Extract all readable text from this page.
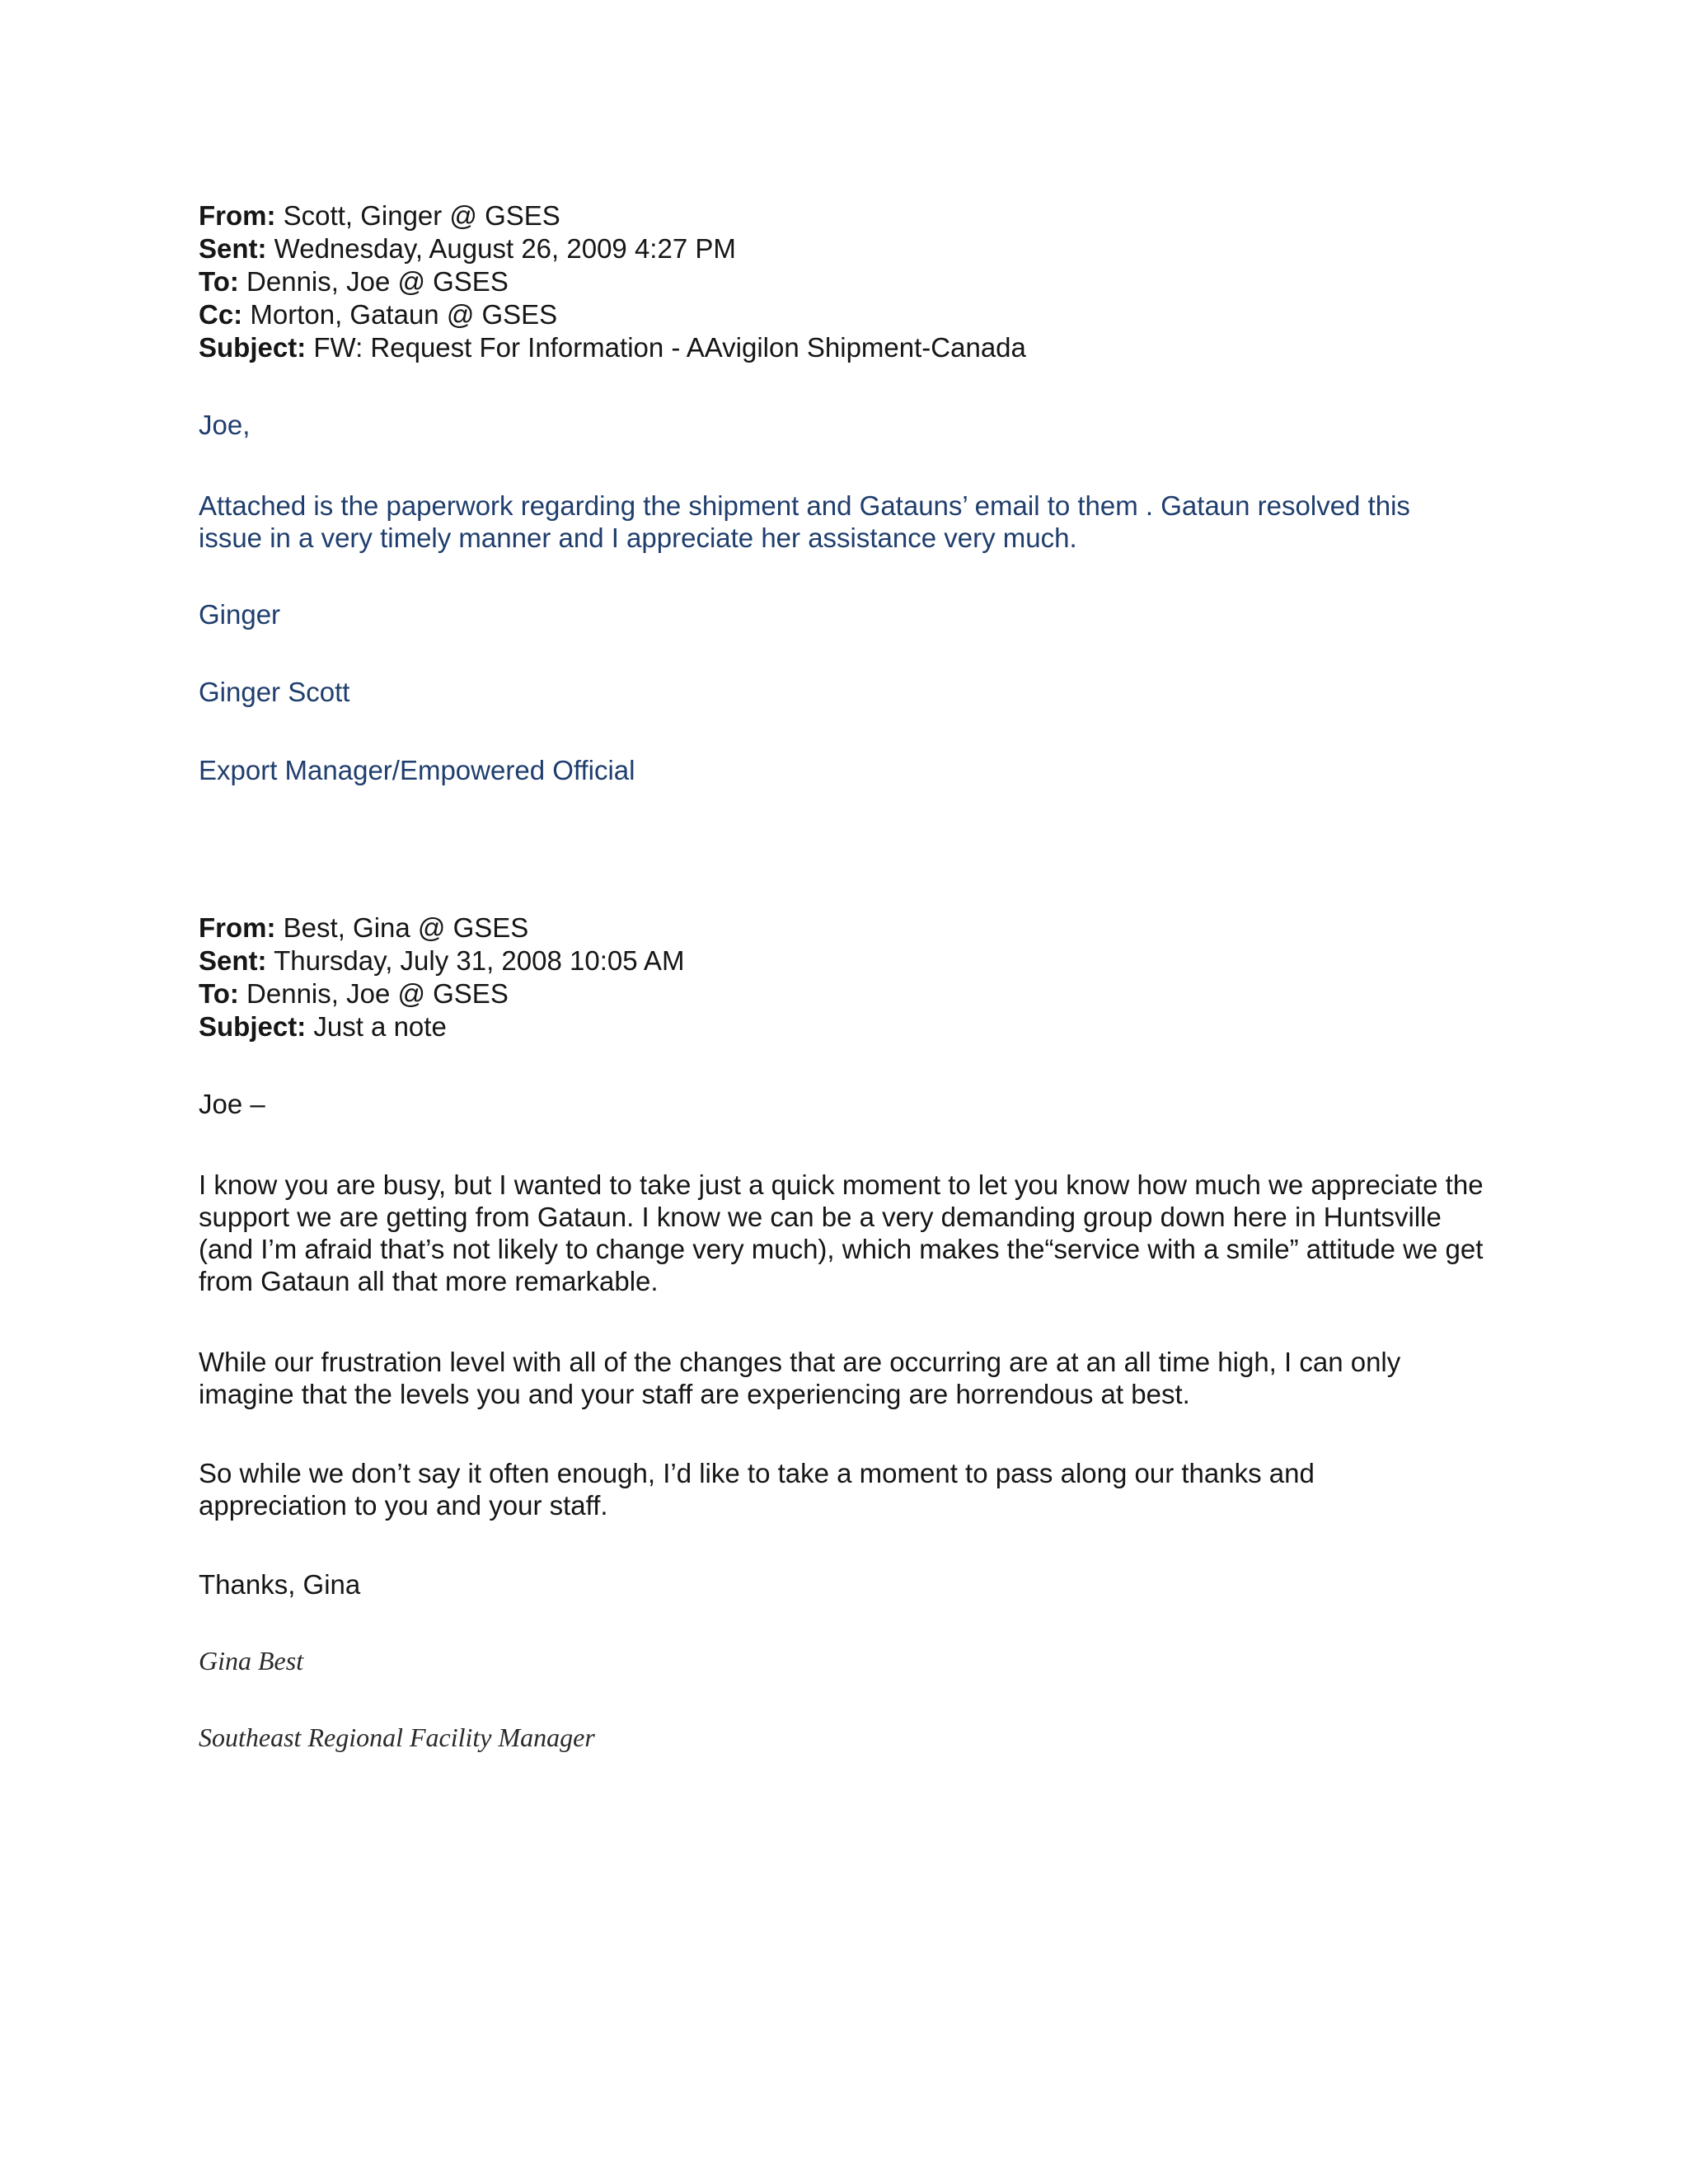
From: Scott, Ginger @ GSES
Sent: Wednesday, August 26, 2009 4:27 PM
To: Dennis, Joe @ GSES
Cc: Morton, Gataun @ GSES
Subject: FW: Request For Information - AAvigilon Shipment-Canada
Joe,
Attached is the paperwork regarding the shipment and Gatauns’ email to them . Gataun resolved this issue in a very timely manner and I appreciate her assistance very much.
Ginger
Ginger Scott
Export Manager/Empowered Official
From: Best, Gina @ GSES
Sent: Thursday, July 31, 2008 10:05 AM
To: Dennis, Joe @ GSES
Subject: Just a note
Joe –
I know you are busy, but I wanted to take just a quick moment to let you know how much we appreciate the support we are getting from Gataun. I know we can be a very demanding group down here in Huntsville (and I’m afraid that’s not likely to change very much), which makes the“service with a smile” attitude we get from Gataun all that more remarkable.
While our frustration level with all of the changes that are occurring are at an all time high, I can only imagine that the levels you and your staff are experiencing are horrendous at best.
So while we don’t say it often enough, I’d like to take a moment to pass along our thanks and appreciation to you and your staff.
Thanks, Gina
Gina Best
Southeast Regional Facility Manager
